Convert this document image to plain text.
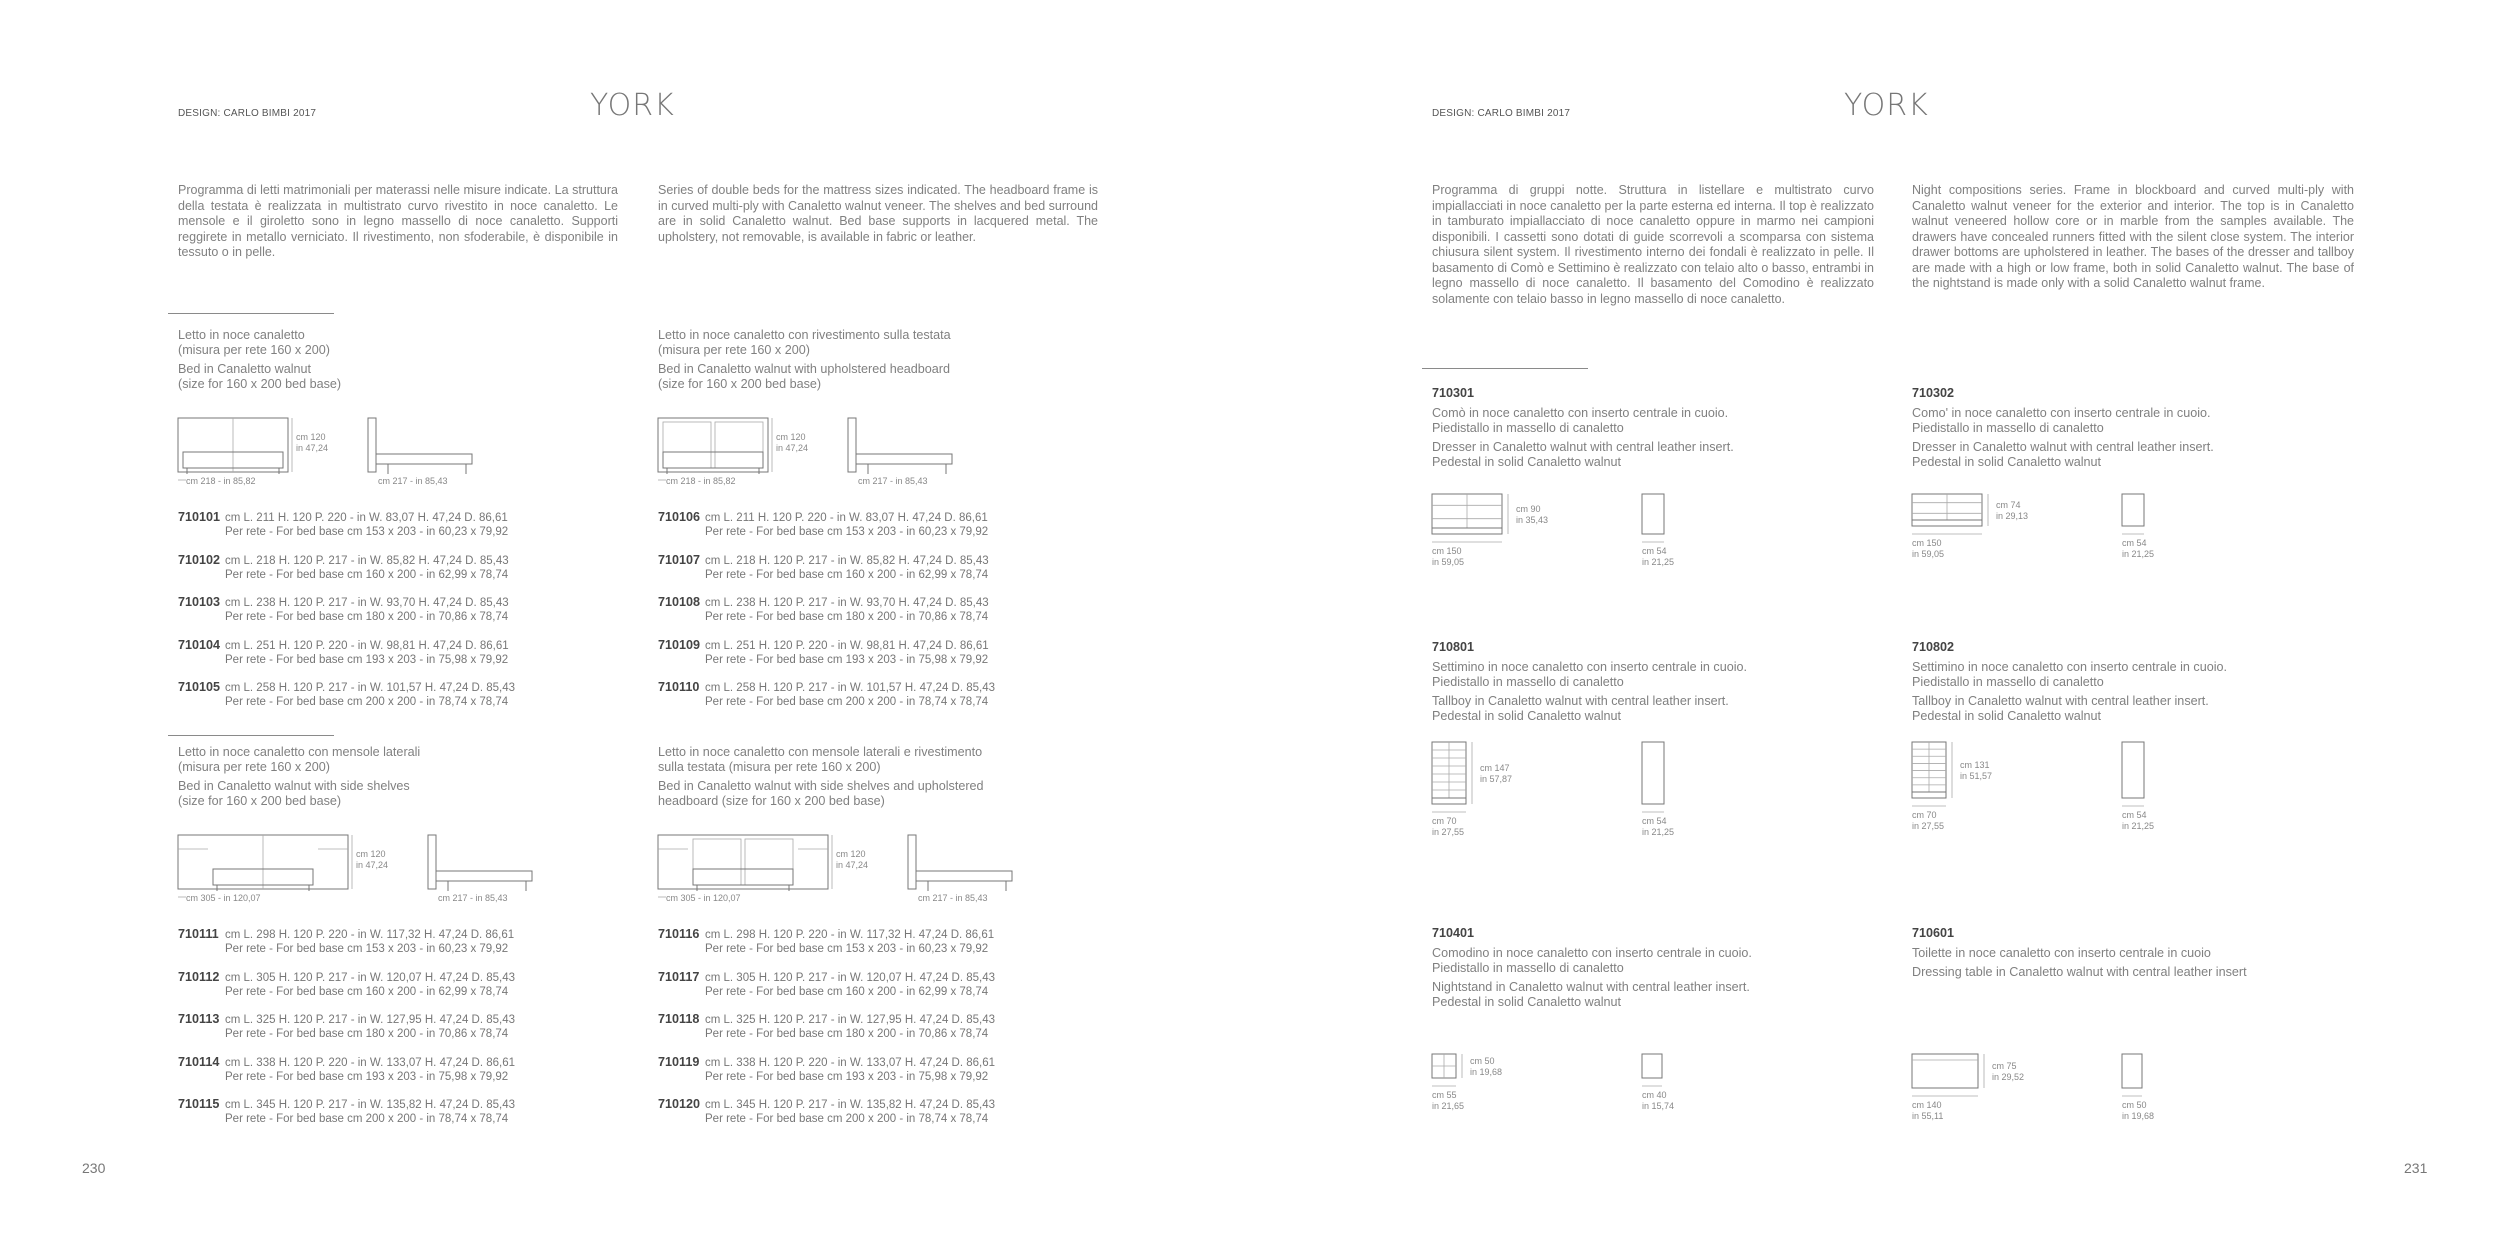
DESIGN: CARLO BIMBI 2017	YORK
Programma di letti matrimoniali per materassi nelle misure indicate. La struttura della testata è realizzata in multistrato curvo rivestito in noce canaletto. Le mensole e il giroletto sono in legno massello di noce canaletto. Supporti reggirete in metallo verniciato. Il rivestimento, non sfoderabile, è disponibile in tessuto o in pelle.
Series of double beds for the mattress sizes indicated. The headboard frame is in curved multi-ply with Canaletto walnut veneer. The shelves and bed surround are in solid Canaletto walnut. Bed base supports in lacquered metal. The upholstery, not removable, is available in fabric or leather.
Letto in noce canaletto
(misura per rete 160 x 200)
Bed in Canaletto walnut
(size for 160 x 200 bed base)
cm 120
in 47,24
cm 218 - in 85,82	cm 217 - in 85,43
710101 cm L. 211 H. 120 P. 220 - in W. 83,07 H. 47,24 D. 86,61
Per rete - For bed base cm 153 x 203 - in 60,23 x 79,92
710102 cm L. 218 H. 120 P. 217 - in W. 85,82 H. 47,24 D. 85,43
Per rete - For bed base cm 160 x 200 - in 62,99 x 78,74
710103 cm L. 238 H. 120 P. 217 - in W. 93,70 H. 47,24 D. 85,43
Per rete - For bed base cm 180 x 200 - in 70,86 x 78,74
710104 cm L. 251 H. 120 P. 220 - in W. 98,81 H. 47,24 D. 86,61
Per rete - For bed base cm 193 x 203 - in 75,98 x 79,92
710105 cm L. 258 H. 120 P. 217 - in W. 101,57 H. 47,24 D. 85,43
Per rete - For bed base cm 200 x 200 - in 78,74 x 78,74
Letto in noce canaletto con rivestimento sulla testata
(misura per rete 160 x 200)
Bed in Canaletto walnut with upholstered headboard
(size for 160 x 200 bed base)
cm 120
in 47,24
cm 218 - in 85,82	cm 217 - in 85,43
710106 cm L. 211 H. 120 P. 220 - in W. 83,07 H. 47,24 D. 86,61
Per rete - For bed base cm 153 x 203 - in 60,23 x 79,92
710107 cm L. 218 H. 120 P. 217 - in W. 85,82 H. 47,24 D. 85,43
Per rete - For bed base cm 160 x 200 - in 62,99 x 78,74
710108 cm L. 238 H. 120 P. 217 - in W. 93,70 H. 47,24 D. 85,43
Per rete - For bed base cm 180 x 200 - in 70,86 x 78,74
710109 cm L. 251 H. 120 P. 220 - in W. 98,81 H. 47,24 D. 86,61
Per rete - For bed base cm 193 x 203 - in 75,98 x 79,92
710110 cm L. 258 H. 120 P. 217 - in W. 101,57 H. 47,24 D. 85,43
Per rete - For bed base cm 200 x 200 - in 78,74 x 78,74
Letto in noce canaletto con mensole laterali
(misura per rete 160 x 200)
Bed in Canaletto walnut with side shelves
(size for 160 x 200 bed base)
cm 120
in 47,24
cm 305 - in 120,07	cm 217 - in 85,43
710111 cm L. 298 H. 120 P. 220 - in W. 117,32 H. 47,24 D. 86,61
Per rete - For bed base cm 153 x 203 - in 60,23 x 79,92
710112 cm L. 305 H. 120 P. 217 - in W. 120,07 H. 47,24 D. 85,43
Per rete - For bed base cm 160 x 200 - in 62,99 x 78,74
710113 cm L. 325 H. 120 P. 217 - in W. 127,95 H. 47,24 D. 85,43
Per rete - For bed base cm 180 x 200 - in 70,86 x 78,74
710114 cm L. 338 H. 120 P. 220 - in W. 133,07 H. 47,24 D. 86,61
Per rete - For bed base cm 193 x 203 - in 75,98 x 79,92
710115 cm L. 345 H. 120 P. 217 - in W. 135,82 H. 47,24 D. 85,43
Per rete - For bed base cm 200 x 200 - in 78,74 x 78,74
Letto in noce canaletto con mensole laterali e rivestimento
sulla testata (misura per rete 160 x 200)
Bed in Canaletto walnut with side shelves and upholstered
headboard (size for 160 x 200 bed base)
cm 120
in 47,24
cm 305 - in 120,07	cm 217 - in 85,43
710116 cm L. 298 H. 120 P. 220 - in W. 117,32 H. 47,24 D. 86,61
Per rete - For bed base cm 153 x 203 - in 60,23 x 79,92
710117 cm L. 305 H. 120 P. 217 - in W. 120,07 H. 47,24 D. 85,43
Per rete - For bed base cm 160 x 200 - in 62,99 x 78,74
710118 cm L. 325 H. 120 P. 217 - in W. 127,95 H. 47,24 D. 85,43
Per rete - For bed base cm 180 x 200 - in 70,86 x 78,74
710119 cm L. 338 H. 120 P. 220 - in W. 133,07 H. 47,24 D. 86,61
Per rete - For bed base cm 193 x 203 - in 75,98 x 79,92
710120 cm L. 345 H. 120 P. 217 - in W. 135,82 H. 47,24 D. 85,43
Per rete - For bed base cm 200 x 200 - in 78,74 x 78,74
230
DESIGN: CARLO BIMBI 2017	YORK
Programma di gruppi notte. Struttura in listellare e multistrato curvo impiallacciati in noce canaletto per la parte esterna ed interna. Il top è realizzato in tamburato impiallacciato di noce canaletto oppure in marmo nei campioni disponibili. I cassetti sono dotati di guide scorrevoli a scomparsa con sistema chiusura silent system. Il rivestimento interno dei fondali è realizzato in pelle. Il basamento di Comò e Settimino è realizzato con telaio alto o basso, entrambi in legno massello di noce canaletto. Il basamento del Comodino è realizzato solamente con telaio basso in legno massello di noce canaletto.
Night compositions series. Frame in blockboard and curved multi-ply with Canaletto walnut veneer for the exterior and interior. The top is in Canaletto walnut veneered hollow core or in marble from the samples available. The drawers have concealed runners fitted with the silent close system. The interior drawer bottoms are upholstered in leather. The bases of the dresser and tallboy are made with a high or low frame, both in solid Canaletto walnut. The base of the nightstand is made only with a solid Canaletto walnut frame.
710301
Comò in noce canaletto con inserto centrale in cuoio.
Piedistallo in massello di canaletto
Dresser in Canaletto walnut with central leather insert.
Pedestal in solid Canaletto walnut
cm 90
in 35,43
cm 150
in 59,05
cm 54
in 21,25
710302
Como' in noce canaletto con inserto centrale in cuoio.
Piedistallo in massello di canaletto
Dresser in Canaletto walnut with central leather insert.
Pedestal in solid Canaletto walnut
cm 74
in 29,13
cm 150
in 59,05
cm 54
in 21,25
710801
Settimino in noce canaletto con inserto centrale in cuoio.
Piedistallo in massello di canaletto
Tallboy in Canaletto walnut with central leather insert.
Pedestal in solid Canaletto walnut
cm 147
in 57,87
cm 70
in 27,55
cm 54
in 21,25
710802
Settimino in noce canaletto con inserto centrale in cuoio.
Piedistallo in massello di canaletto
Tallboy in Canaletto walnut with central leather insert.
Pedestal in solid Canaletto walnut
cm 131
in 51,57
cm 70
in 27,55
cm 54
in 21,25
710401
Comodino in noce canaletto con inserto centrale in cuoio.
Piedistallo in massello di canaletto
Nightstand in Canaletto walnut with central leather insert.
Pedestal in solid Canaletto walnut
cm 50
in 19,68
cm 55
in 21,65
cm 40
in 15,74
710601
Toilette in noce canaletto con inserto centrale in cuoio
Dressing table in Canaletto walnut with central leather insert
cm 75
in 29,52
cm 140
in 55,11
cm 50
in 19,68
231
